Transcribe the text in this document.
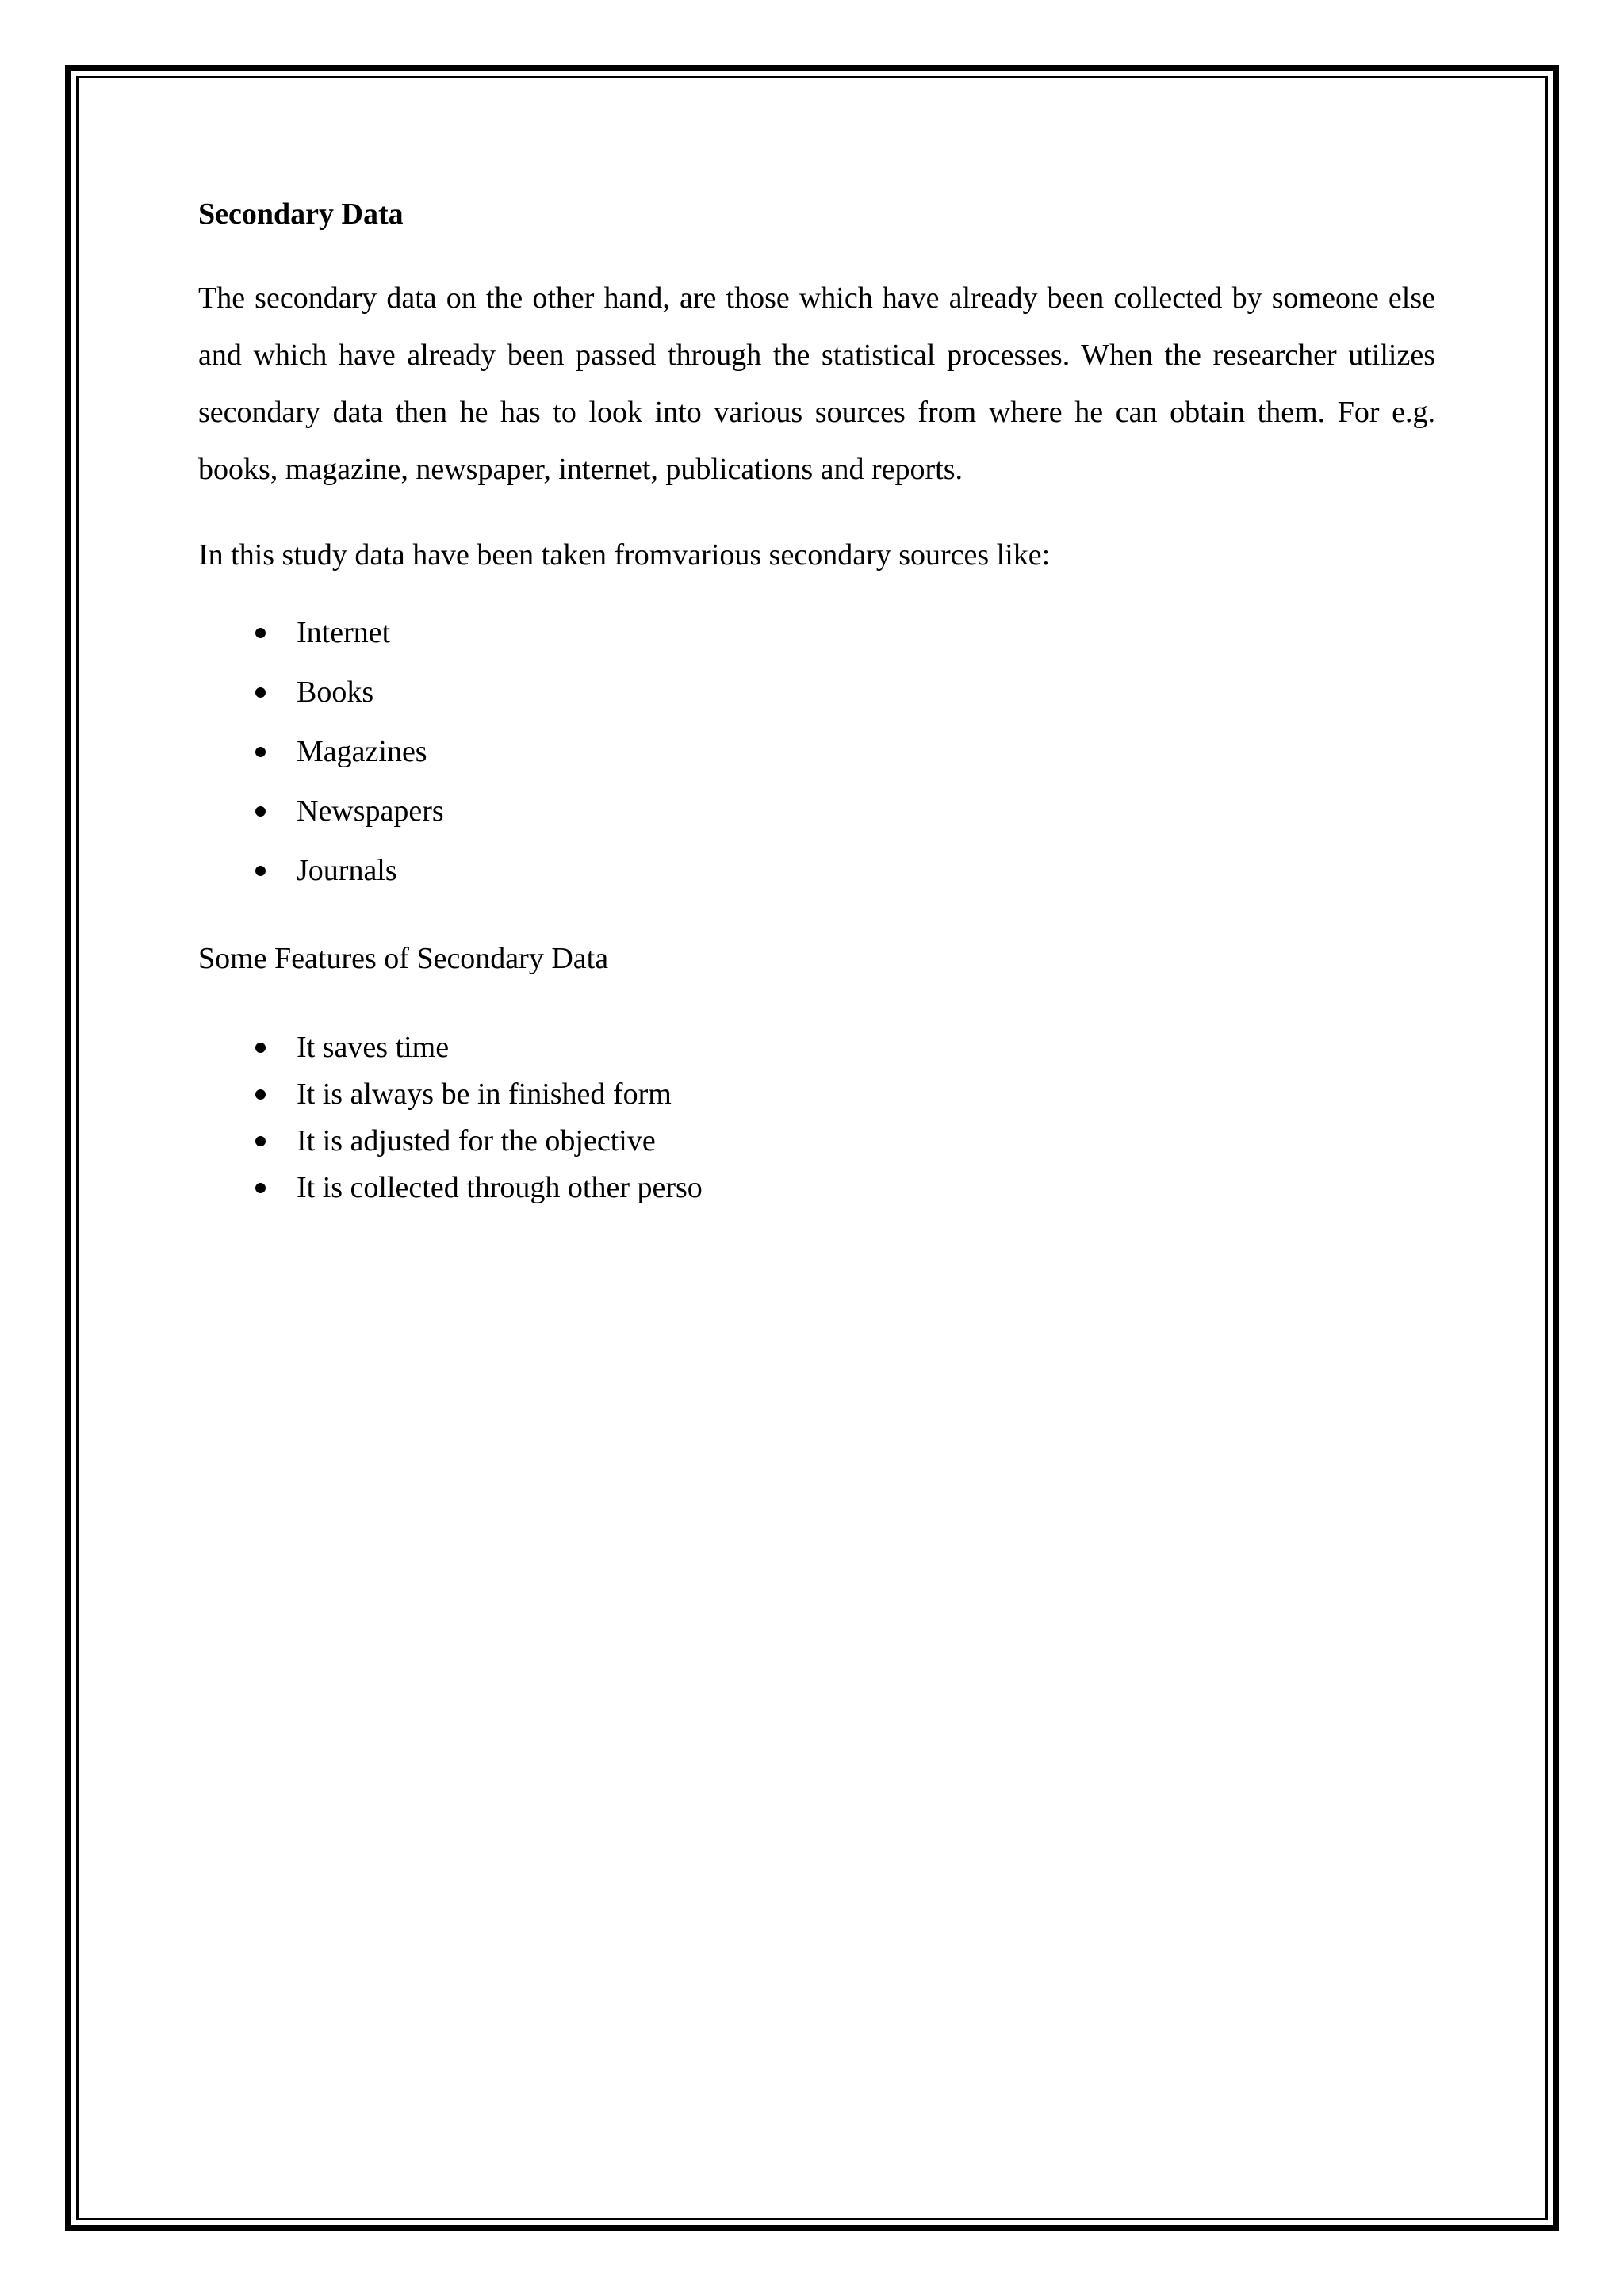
Secondary Data

The secondary data on the other hand, are those which have already been collected by someone else and which have already been passed through the statistical processes. When the researcher utilizes secondary data then he has to look into various sources from where he can obtain them. For e.g. books, magazine, newspaper, internet, publications and reports.

In this study data have been taken fromvarious secondary sources like:

Internet
Books
Magazines
Newspapers
Journals

Some Features of Secondary Data

It saves time
It is always be in finished form
It is adjusted for the objective
It is collected through other perso
